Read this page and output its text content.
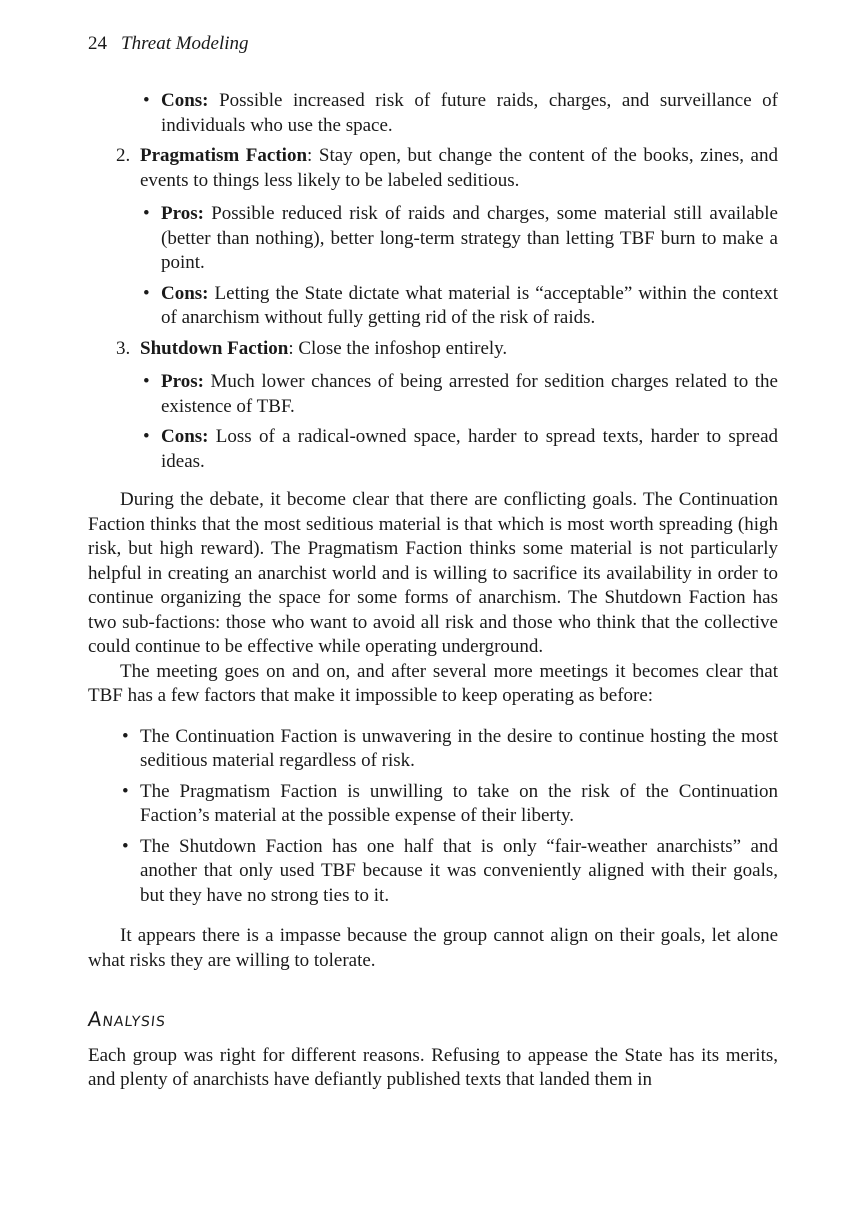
24 Threat Modeling
• Cons: Possible increased risk of future raids, charges, and surveillance of individuals who use the space.
2. Pragmatism Faction: Stay open, but change the content of the books, zines, and events to things less likely to be labeled seditious.
• Pros: Possible reduced risk of raids and charges, some material still available (better than nothing), better long-term strategy than letting TBF burn to make a point.
• Cons: Letting the State dictate what material is “acceptable” within the context of anarchism without fully getting rid of the risk of raids.
3. Shutdown Faction: Close the infoshop entirely.
• Pros: Much lower chances of being arrested for sedition charges related to the existence of TBF.
• Cons: Loss of a radical-owned space, harder to spread texts, harder to spread ideas.

During the debate, it become clear that there are conflicting goals. The Continuation Faction thinks that the most seditious material is that which is most worth spreading (high risk, but high reward). The Pragmatism Faction thinks some material is not particularly helpful in creating an anarchist world and is willing to sacrifice its availability in order to continue organizing the space for some forms of anarchism. The Shutdown Faction has two sub-factions: those who want to avoid all risk and those who think that the collective could continue to be effective while operating underground.

The meeting goes on and on, and after several more meetings it becomes clear that TBF has a few factors that make it impossible to keep operating as before:

• The Continuation Faction is unwavering in the desire to continue hosting the most seditious material regardless of risk.
• The Pragmatism Faction is unwilling to take on the risk of the Continuation Faction’s material at the possible expense of their liberty.
• The Shutdown Faction has one half that is only “fair-weather anarchists” and another that only used TBF because it was conveniently aligned with their goals, but they have no strong ties to it.

It appears there is a impasse because the group cannot align on their goals, let alone what risks they are willing to tolerate.

Analysis

Each group was right for different reasons. Refusing to appease the State has its merits, and plenty of anarchists have defiantly published texts that landed them in
